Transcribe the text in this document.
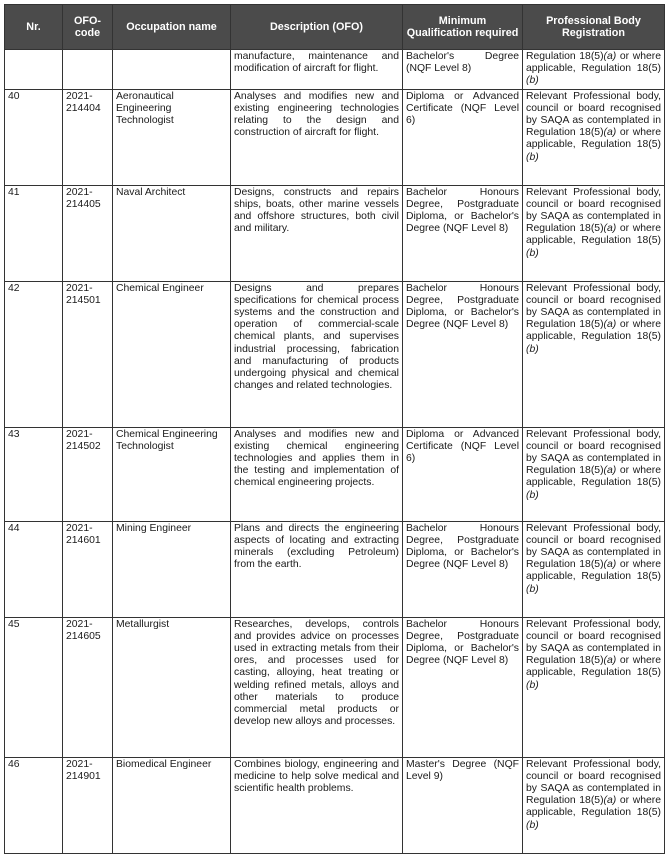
Nr.	OFO-code	Occupation name	Description (OFO)	Minimum Qualification required	Professional Body Registration
			manufacture, maintenance and modification of aircraft for flight.	Bachelor's Degree (NQF Level 8)	Regulation 18(5)(a) or where applicable, Regulation 18(5)(b)
40	2021-214404	Aeronautical Engineering Technologist	Analyses and modifies new and existing engineering technologies relating to the design and construction of aircraft for flight.	Diploma or Advanced Certificate (NQF Level 6)	Relevant Professional body, council or board recognised by SAQA as contemplated in Regulation 18(5)(a) or where applicable, Regulation 18(5)(b)
41	2021-214405	Naval Architect	Designs, constructs and repairs ships, boats, other marine vessels and offshore structures, both civil and military.	Bachelor Honours Degree, Postgraduate Diploma, or Bachelor's Degree (NQF Level 8)	Relevant Professional body, council or board recognised by SAQA as contemplated in Regulation 18(5)(a) or where applicable, Regulation 18(5)(b)
42	2021-214501	Chemical Engineer	Designs and prepares specifications for chemical process systems and the construction and operation of commercial-scale chemical plants, and supervises industrial processing, fabrication and manufacturing of products undergoing physical and chemical changes and related technologies.	Bachelor Honours Degree, Postgraduate Diploma, or Bachelor's Degree (NQF Level 8)	Relevant Professional body, council or board recognised by SAQA as contemplated in Regulation 18(5)(a) or where applicable, Regulation 18(5)(b)
43	2021-214502	Chemical Engineering Technologist	Analyses and modifies new and existing chemical engineering technologies and applies them in the testing and implementation of chemical engineering projects.	Diploma or Advanced Certificate (NQF Level 6)	Relevant Professional body, council or board recognised by SAQA as contemplated in Regulation 18(5)(a) or where applicable, Regulation 18(5)(b)
44	2021-214601	Mining Engineer	Plans and directs the engineering aspects of locating and extracting minerals (excluding Petroleum) from the earth.	Bachelor Honours Degree, Postgraduate Diploma, or Bachelor's Degree (NQF Level 8)	Relevant Professional body, council or board recognised by SAQA as contemplated in Regulation 18(5)(a) or where applicable, Regulation 18(5)(b)
45	2021-214605	Metallurgist	Researches, develops, controls and provides advice on processes used in extracting metals from their ores, and processes used for casting, alloying, heat treating or welding refined metals, alloys and other materials to produce commercial metal products or develop new alloys and processes.	Bachelor Honours Degree, Postgraduate Diploma, or Bachelor's Degree (NQF Level 8)	Relevant Professional body, council or board recognised by SAQA as contemplated in Regulation 18(5)(a) or where applicable, Regulation 18(5)(b)
46	2021-214901	Biomedical Engineer	Combines biology, engineering and medicine to help solve medical and scientific health problems.	Master's Degree (NQF Level 9)	Relevant Professional body, council or board recognised by SAQA as contemplated in Regulation 18(5)(a) or where applicable, Regulation 18(5)(b)
